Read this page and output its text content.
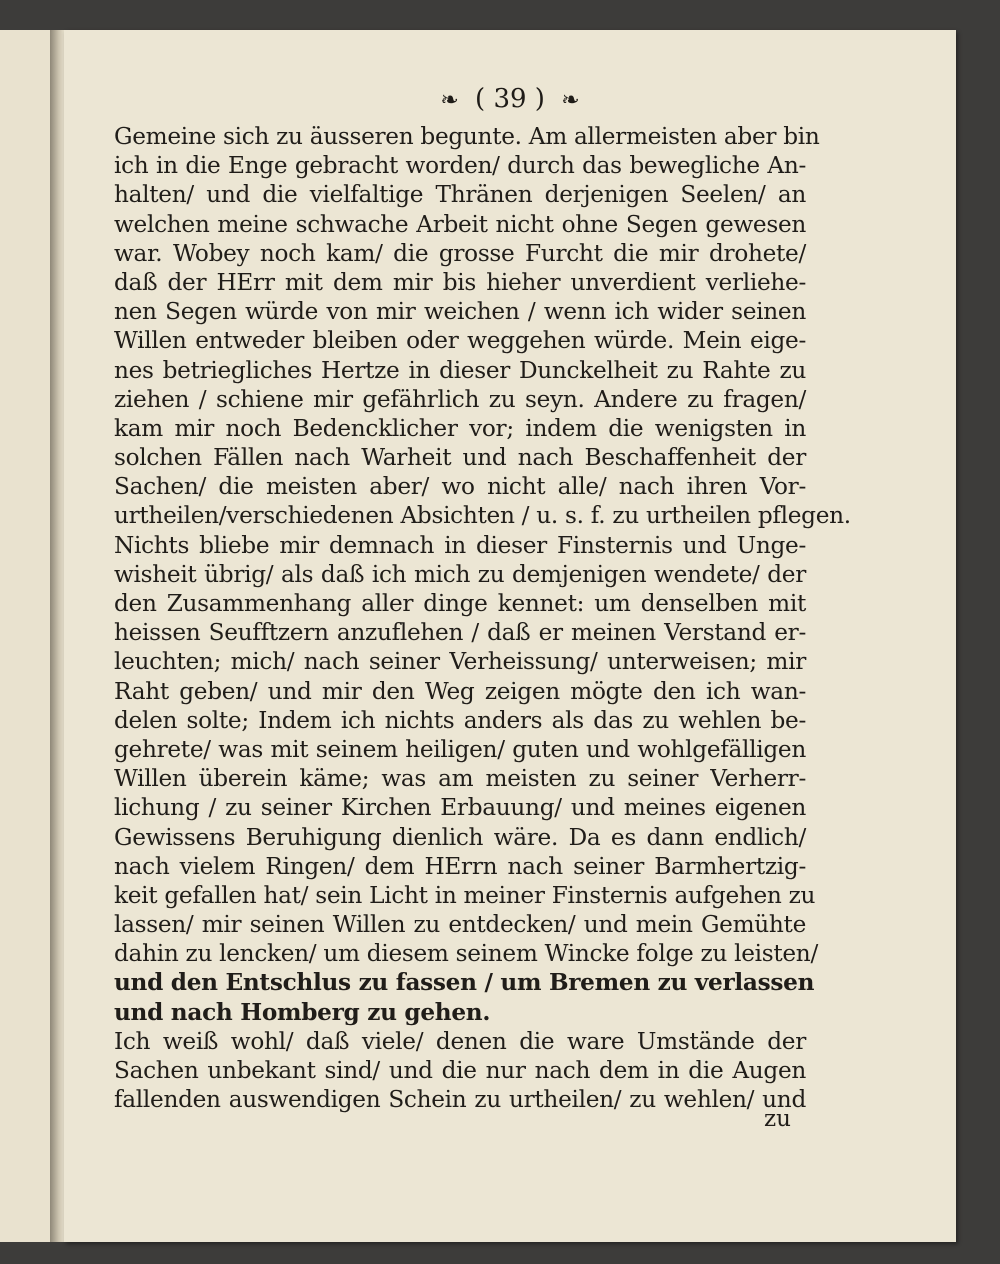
❧ ( 39 ) ❧
Gemeine sich zu äusseren begunte. Am allermeisten aber bin
ich in die Enge gebracht worden/ durch das bewegliche An-
halten/ und die vielfaltige Thränen derjenigen Seelen/ an
welchen meine schwache Arbeit nicht ohne Segen gewesen
war. Wobey noch kam/ die grosse Furcht die mir drohete/
daß der HErr mit dem mir bis hieher unverdient verliehe-
nen Segen würde von mir weichen / wenn ich wider seinen
Willen entweder bleiben oder weggehen würde. Mein eige-
nes betriegliches Hertze in dieser Dunckelheit zu Rahte zu
ziehen / schiene mir gefährlich zu seyn. Andere zu fragen/
kam mir noch Bedencklicher vor; indem die wenigsten in
solchen Fällen nach Warheit und nach Beschaffenheit der
Sachen/ die meisten aber/ wo nicht alle/ nach ihren Vor-
urtheilen/verschiedenen Absichten / u. s. f. zu urtheilen pflegen.
Nichts bliebe mir demnach in dieser Finsternis und Unge-
wisheit übrig/ als daß ich mich zu demjenigen wendete/ der
den Zusammenhang aller dinge kennet: um denselben mit
heissen Seufftzern anzuflehen / daß er meinen Verstand er-
leuchten; mich/ nach seiner Verheissung/ unterweisen; mir
Raht geben/ und mir den Weg zeigen mögte den ich wan-
delen solte; Indem ich nichts anders als das zu wehlen be-
gehrete/ was mit seinem heiligen/ guten und wohlgefälligen
Willen überein käme; was am meisten zu seiner Verherr-
lichung / zu seiner Kirchen Erbauung/ und meines eigenen
Gewissens Beruhigung dienlich wäre. Da es dann endlich/
nach vielem Ringen/ dem HErrn nach seiner Barmhertzig-
keit gefallen hat/ sein Licht in meiner Finsternis aufgehen zu
lassen/ mir seinen Willen zu entdecken/ und mein Gemühte
dahin zu lencken/ um diesem seinem Wincke folge zu leisten/
und den Entschlus zu fassen / um Bremen zu verlassen
und nach Homberg zu gehen.
Ich weiß wohl/ daß viele/ denen die ware Umstände der
Sachen unbekant sind/ und die nur nach dem in die Augen
fallenden auswendigen Schein zu urtheilen/ zu wehlen/ und
zu
